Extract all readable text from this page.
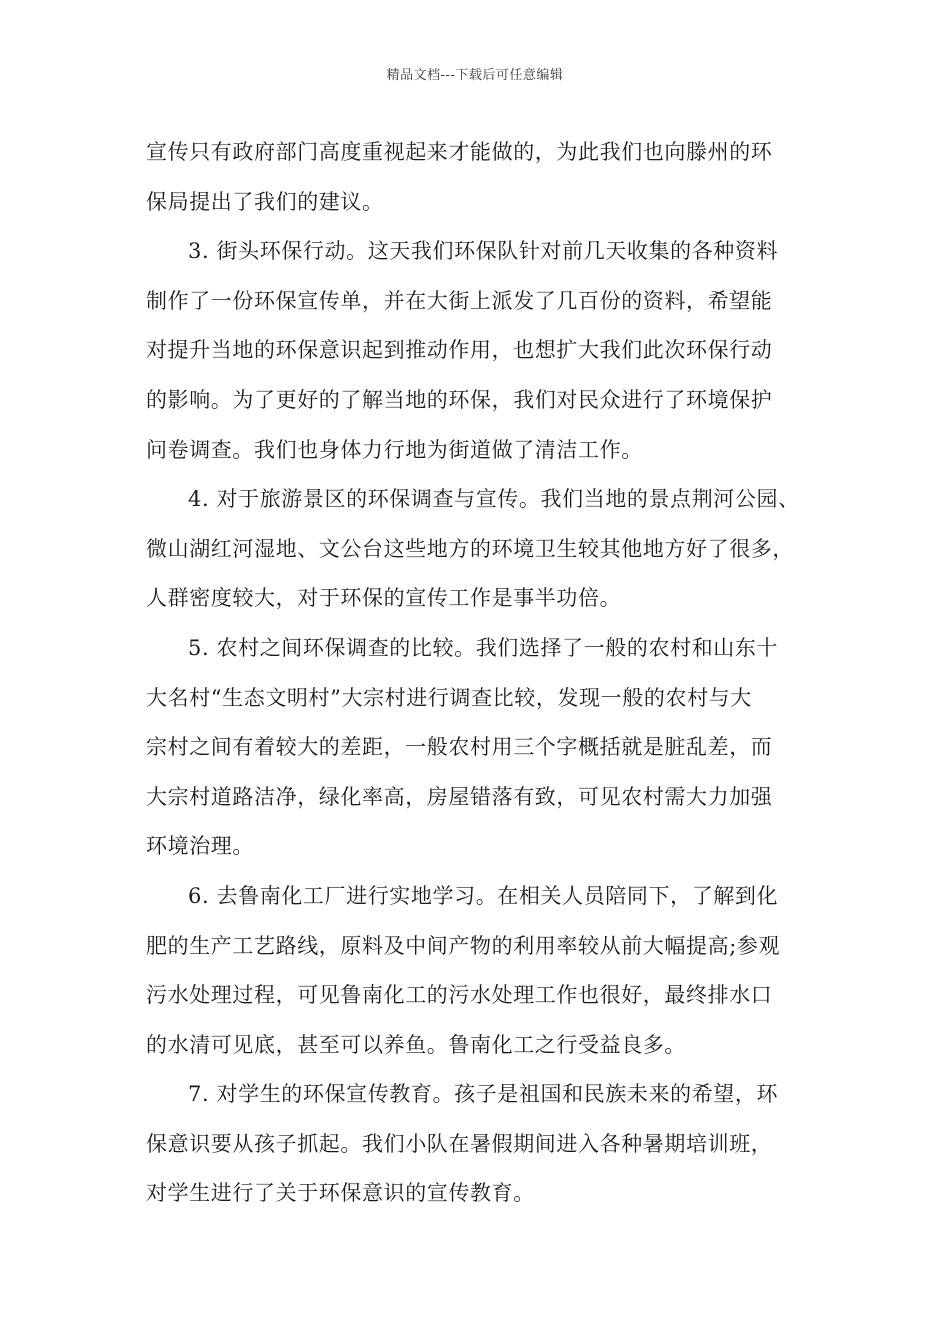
精品文档---下载后可任意编辑
宣传只有政府部门高度重视起来才能做的，为此我们也向滕州的环
保局提出了我们的建议。
3. 街头环保行动。这天我们环保队针对前几天收集的各种资料
制作了一份环保宣传单，并在大街上派发了几百份的资料，希望能
对提升当地的环保意识起到推动作用，也想扩大我们此次环保行动
的影响。为了更好的了解当地的环保，我们对民众进行了环境保护
问卷调查。我们也身体力行地为街道做了清洁工作。
4. 对于旅游景区的环保调查与宣传。我们当地的景点荆河公园、
微山湖红河湿地、文公台这些地方的环境卫生较其他地方好了很多，
人群密度较大，对于环保的宣传工作是事半功倍。
5. 农村之间环保调查的比较。我们选择了一般的农村和山东十
大名村“生态文明村”大宗村进行调查比较，发现一般的农村与大
宗村之间有着较大的差距，一般农村用三个字概括就是脏乱差，而
大宗村道路洁净，绿化率高，房屋错落有致，可见农村需大力加强
环境治理。
6. 去鲁南化工厂进行实地学习。在相关人员陪同下，了解到化
肥的生产工艺路线，原料及中间产物的利用率较从前大幅提高;参观
污水处理过程，可见鲁南化工的污水处理工作也很好，最终排水口
的水清可见底，甚至可以养鱼。鲁南化工之行受益良多。
7. 对学生的环保宣传教育。孩子是祖国和民族未来的希望，环
保意识要从孩子抓起。我们小队在暑假期间进入各种暑期培训班，
对学生进行了关于环保意识的宣传教育。
